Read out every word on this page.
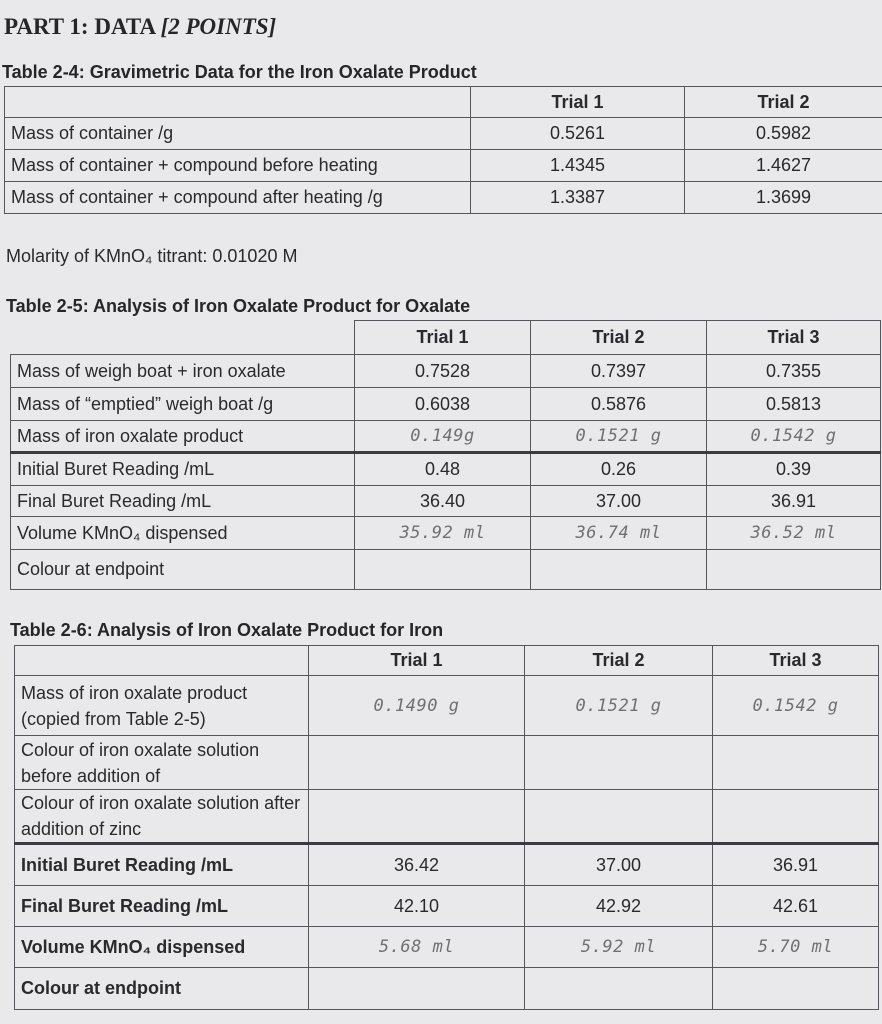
PART 1: DATA [2 POINTS]
Table 2-4: Gravimetric Data for the Iron Oxalate Product
	Trial 1	Trial 2
Mass of container /g	0.5261	0.5982
Mass of container + compound before heating	1.4345	1.4627
Mass of container + compound after heating /g	1.3387	1.3699
Molarity of KMnO₄ titrant: 0.01020 M
Table 2-5: Analysis of Iron Oxalate Product for Oxalate
	Trial 1	Trial 2	Trial 3
Mass of weigh boat + iron oxalate	0.7528	0.7397	0.7355
Mass of “emptied” weigh boat /g	0.6038	0.5876	0.5813
Mass of iron oxalate product	0.149g	0.1521 g	0.1542 g
Initial Buret Reading /mL	0.48	0.26	0.39
Final Buret Reading /mL	36.40	37.00	36.91
Volume KMnO₄ dispensed	35.92 ml	36.74 ml	36.52 ml
Colour at endpoint			
Table 2-6: Analysis of Iron Oxalate Product for Iron
	Trial 1	Trial 2	Trial 3
Mass of iron oxalate product (copied from Table 2-5)	0.1490 g	0.1521 g	0.1542 g
Colour of iron oxalate solution before addition of			
Colour of iron oxalate solution after addition of zinc			
Initial Buret Reading /mL	36.42	37.00	36.91
Final Buret Reading /mL	42.10	42.92	42.61
Volume KMnO₄ dispensed	5.68 ml	5.92 ml	5.70 ml
Colour at endpoint			
